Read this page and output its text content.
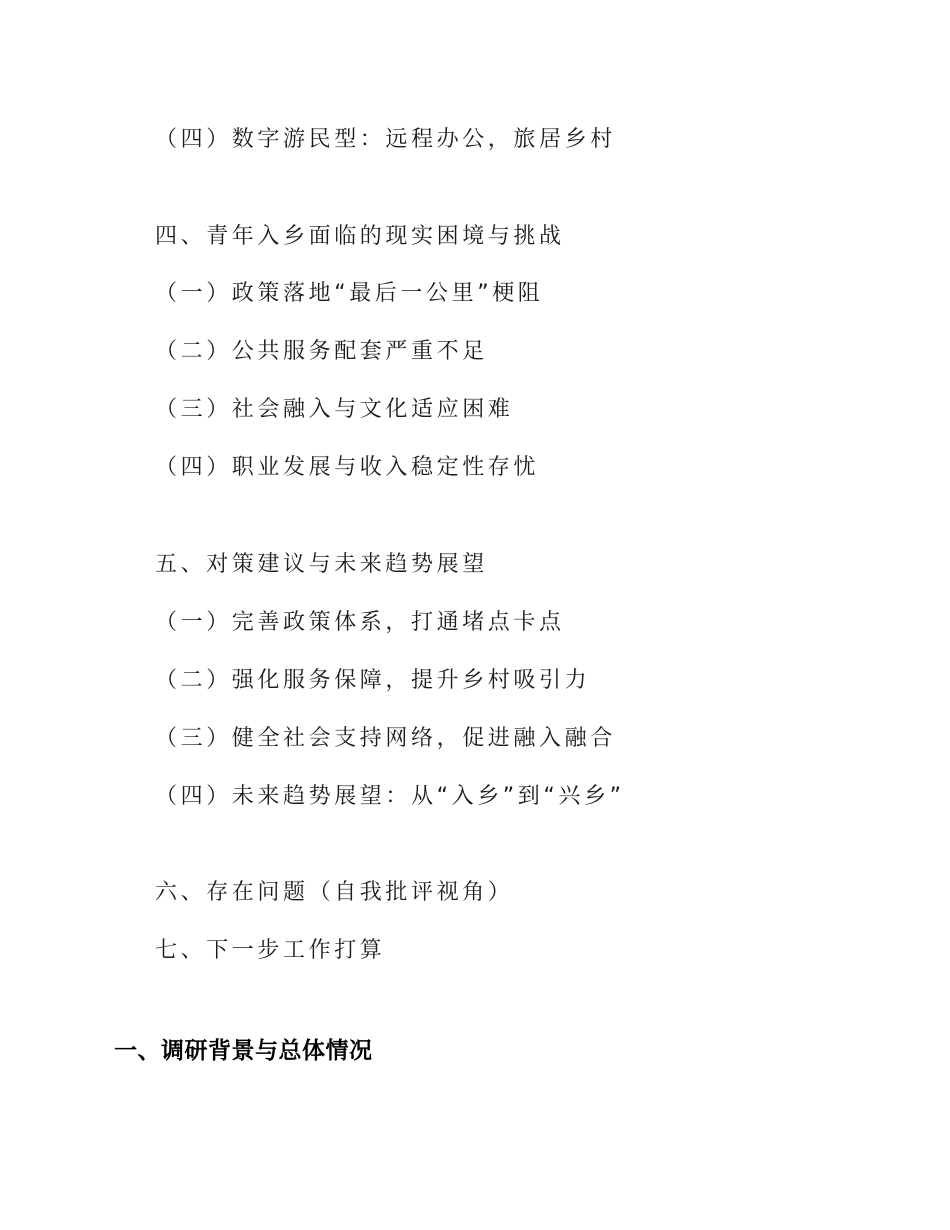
（四）数字游民型：远程办公，旅居乡村
四、青年入乡面临的现实困境与挑战
（一）政策落地“最后一公里”梗阻
（二）公共服务配套严重不足
（三）社会融入与文化适应困难
（四）职业发展与收入稳定性存忧
五、对策建议与未来趋势展望
（一）完善政策体系，打通堵点卡点
（二）强化服务保障，提升乡村吸引力
（三）健全社会支持网络，促进融入融合
（四）未来趋势展望：从“入乡”到“兴乡”
六、存在问题（自我批评视角）
七、下一步工作打算
一、调研背景与总体情况
